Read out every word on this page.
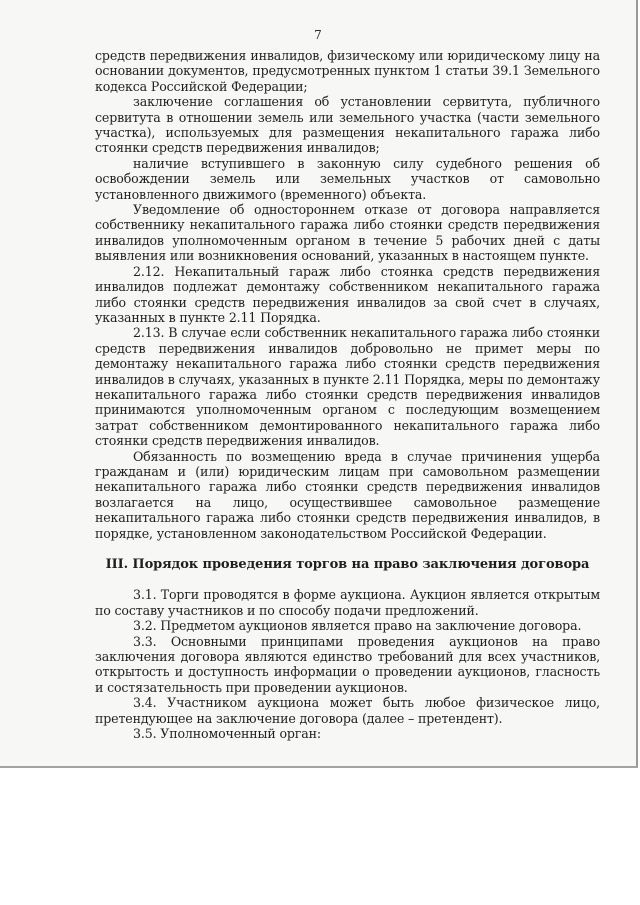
7

средств передвижения инвалидов, физическому или юридическому лицу на основании документов, предусмотренных пунктом 1 статьи 39.1 Земельного кодекса Российской Федерации;

заключение соглашения об установлении сервитута, публичного сервитута в отношении земель или земельного участка (части земельного участка), используемых для размещения некапитального гаража либо стоянки средств передвижения инвалидов;

наличие вступившего в законную силу судебного решения об освобождении земель или земельных участков от самовольно установленного движимого (временного) объекта.

Уведомление об одностороннем отказе от договора направляется собственнику некапитального гаража либо стоянки средств передвижения инвалидов уполномоченным органом в течение 5 рабочих дней с даты выявления или возникновения оснований, указанных в настоящем пункте.

2.12. Некапитальный гараж либо стоянка средств передвижения инвалидов подлежат демонтажу собственником некапитального гаража либо стоянки средств передвижения инвалидов за свой счет в случаях, указанных в пункте 2.11 Порядка.

2.13. В случае если собственник некапитального гаража либо стоянки средств передвижения инвалидов добровольно не примет меры по демонтажу некапитального гаража либо стоянки средств передвижения инвалидов в случаях, указанных в пункте 2.11 Порядка, меры по демонтажу некапитального гаража либо стоянки средств передвижения инвалидов принимаются уполномоченным органом с последующим возмещением затрат собственником демонтированного некапитального гаража либо стоянки средств передвижения инвалидов.

Обязанность по возмещению вреда в случае причинения ущерба гражданам и (или) юридическим лицам при самовольном размещении некапитального гаража либо стоянки средств передвижения инвалидов возлагается на лицо, осуществившее самовольное размещение некапитального гаража либо стоянки средств передвижения инвалидов, в порядке, установленном законодательством Российской Федерации.

III. Порядок проведения торгов на право заключения договора

3.1. Торги проводятся в форме аукциона. Аукцион является открытым по составу участников и по способу подачи предложений.

3.2. Предметом аукционов является право на заключение договора.

3.3. Основными принципами проведения аукционов на право заключения договора являются единство требований для всех участников, открытость и доступность информации о проведении аукционов, гласность и состязательность при проведении аукционов.

3.4. Участником аукциона может быть любое физическое лицо, претендующее на заключение договора (далее – претендент).

3.5. Уполномоченный орган:
